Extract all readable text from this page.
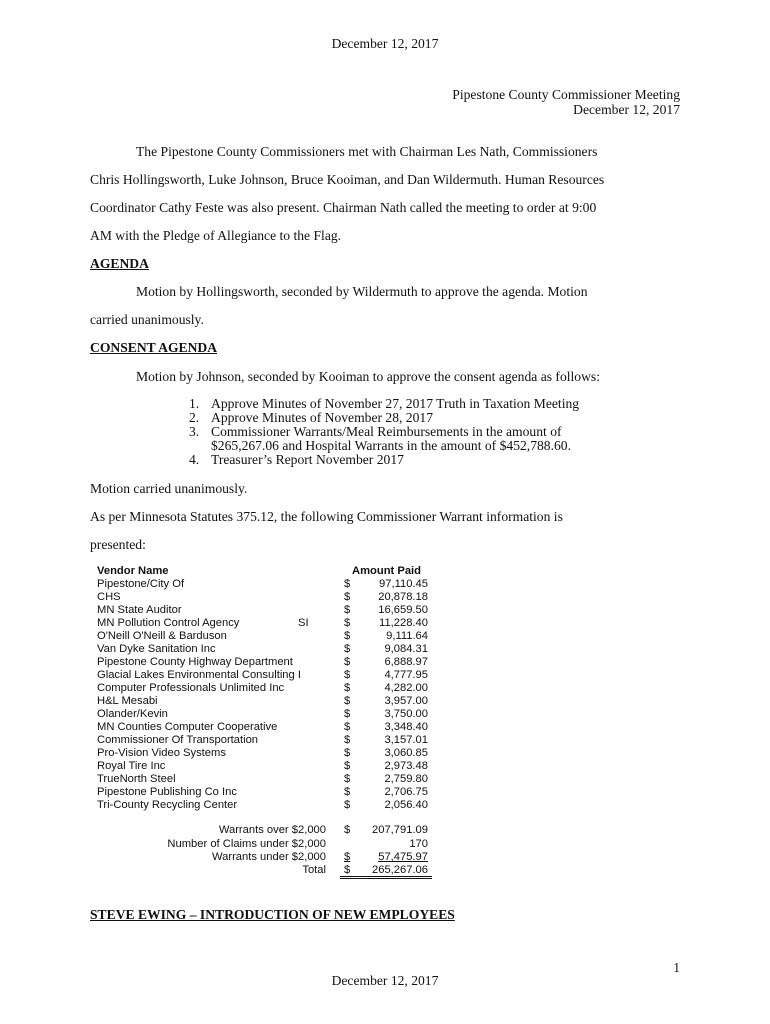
December 12, 2017
Pipestone County Commissioner Meeting
December 12, 2017
The Pipestone County Commissioners met with Chairman Les Nath, Commissioners
Chris Hollingsworth, Luke Johnson, Bruce Kooiman, and Dan Wildermuth. Human Resources
Coordinator Cathy Feste was also present. Chairman Nath called the meeting to order at 9:00
AM with the Pledge of Allegiance to the Flag.
AGENDA
Motion by Hollingsworth, seconded by Wildermuth to approve the agenda. Motion
carried unanimously.
CONSENT AGENDA
Motion by Johnson, seconded by Kooiman to approve the consent agenda as follows:
1. Approve Minutes of November 27, 2017 Truth in Taxation Meeting
2. Approve Minutes of November 28, 2017
3. Commissioner Warrants/Meal Reimbursements in the amount of
$265,267.06 and Hospital Warrants in the amount of $452,788.60.
4. Treasurer’s Report November 2017
Motion carried unanimously.
As per Minnesota Statutes 375.12, the following Commissioner Warrant information is
presented:
Vendor Name	Amount Paid
Pipestone/City Of	$	97,110.45
CHS	$ 20,878.18
MN State Auditor	$ 16,659.50
MN Pollution Control Agency	SI	$	11,228.40
O'Neill O'Neill & Barduson	$	9,111.64
Van Dyke Sanitation Inc	$	9,084.31
Pipestone County Highway Department	$	6,888.97
Glacial Lakes Environmental Consulting I	$	4,777.95
Computer Professionals Unlimited Inc	$	4,282.00
H&L Mesabi	$	3,957.00
Olander/Kevin	$	3,750.00
MN Counties Computer Cooperative	$	3,348.40
Commissioner Of Transportation	$	3,157.01
Pro-Vision Video Systems	$	3,060.85
Royal Tire Inc	$	2,973.48
TrueNorth Steel	$	2,759.80
Pipestone Publishing Co Inc	$	2,706.75
Tri-County Recycling Center	$	2,056.40
Warrants over $2,000 $ 207,791.09
Number of Claims under $2,000	170
Warrants under $2,000 $ 57,475.97
Total $ 265,267.06
STEVE EWING – INTRODUCTION OF NEW EMPLOYEES
1
December 12, 2017
